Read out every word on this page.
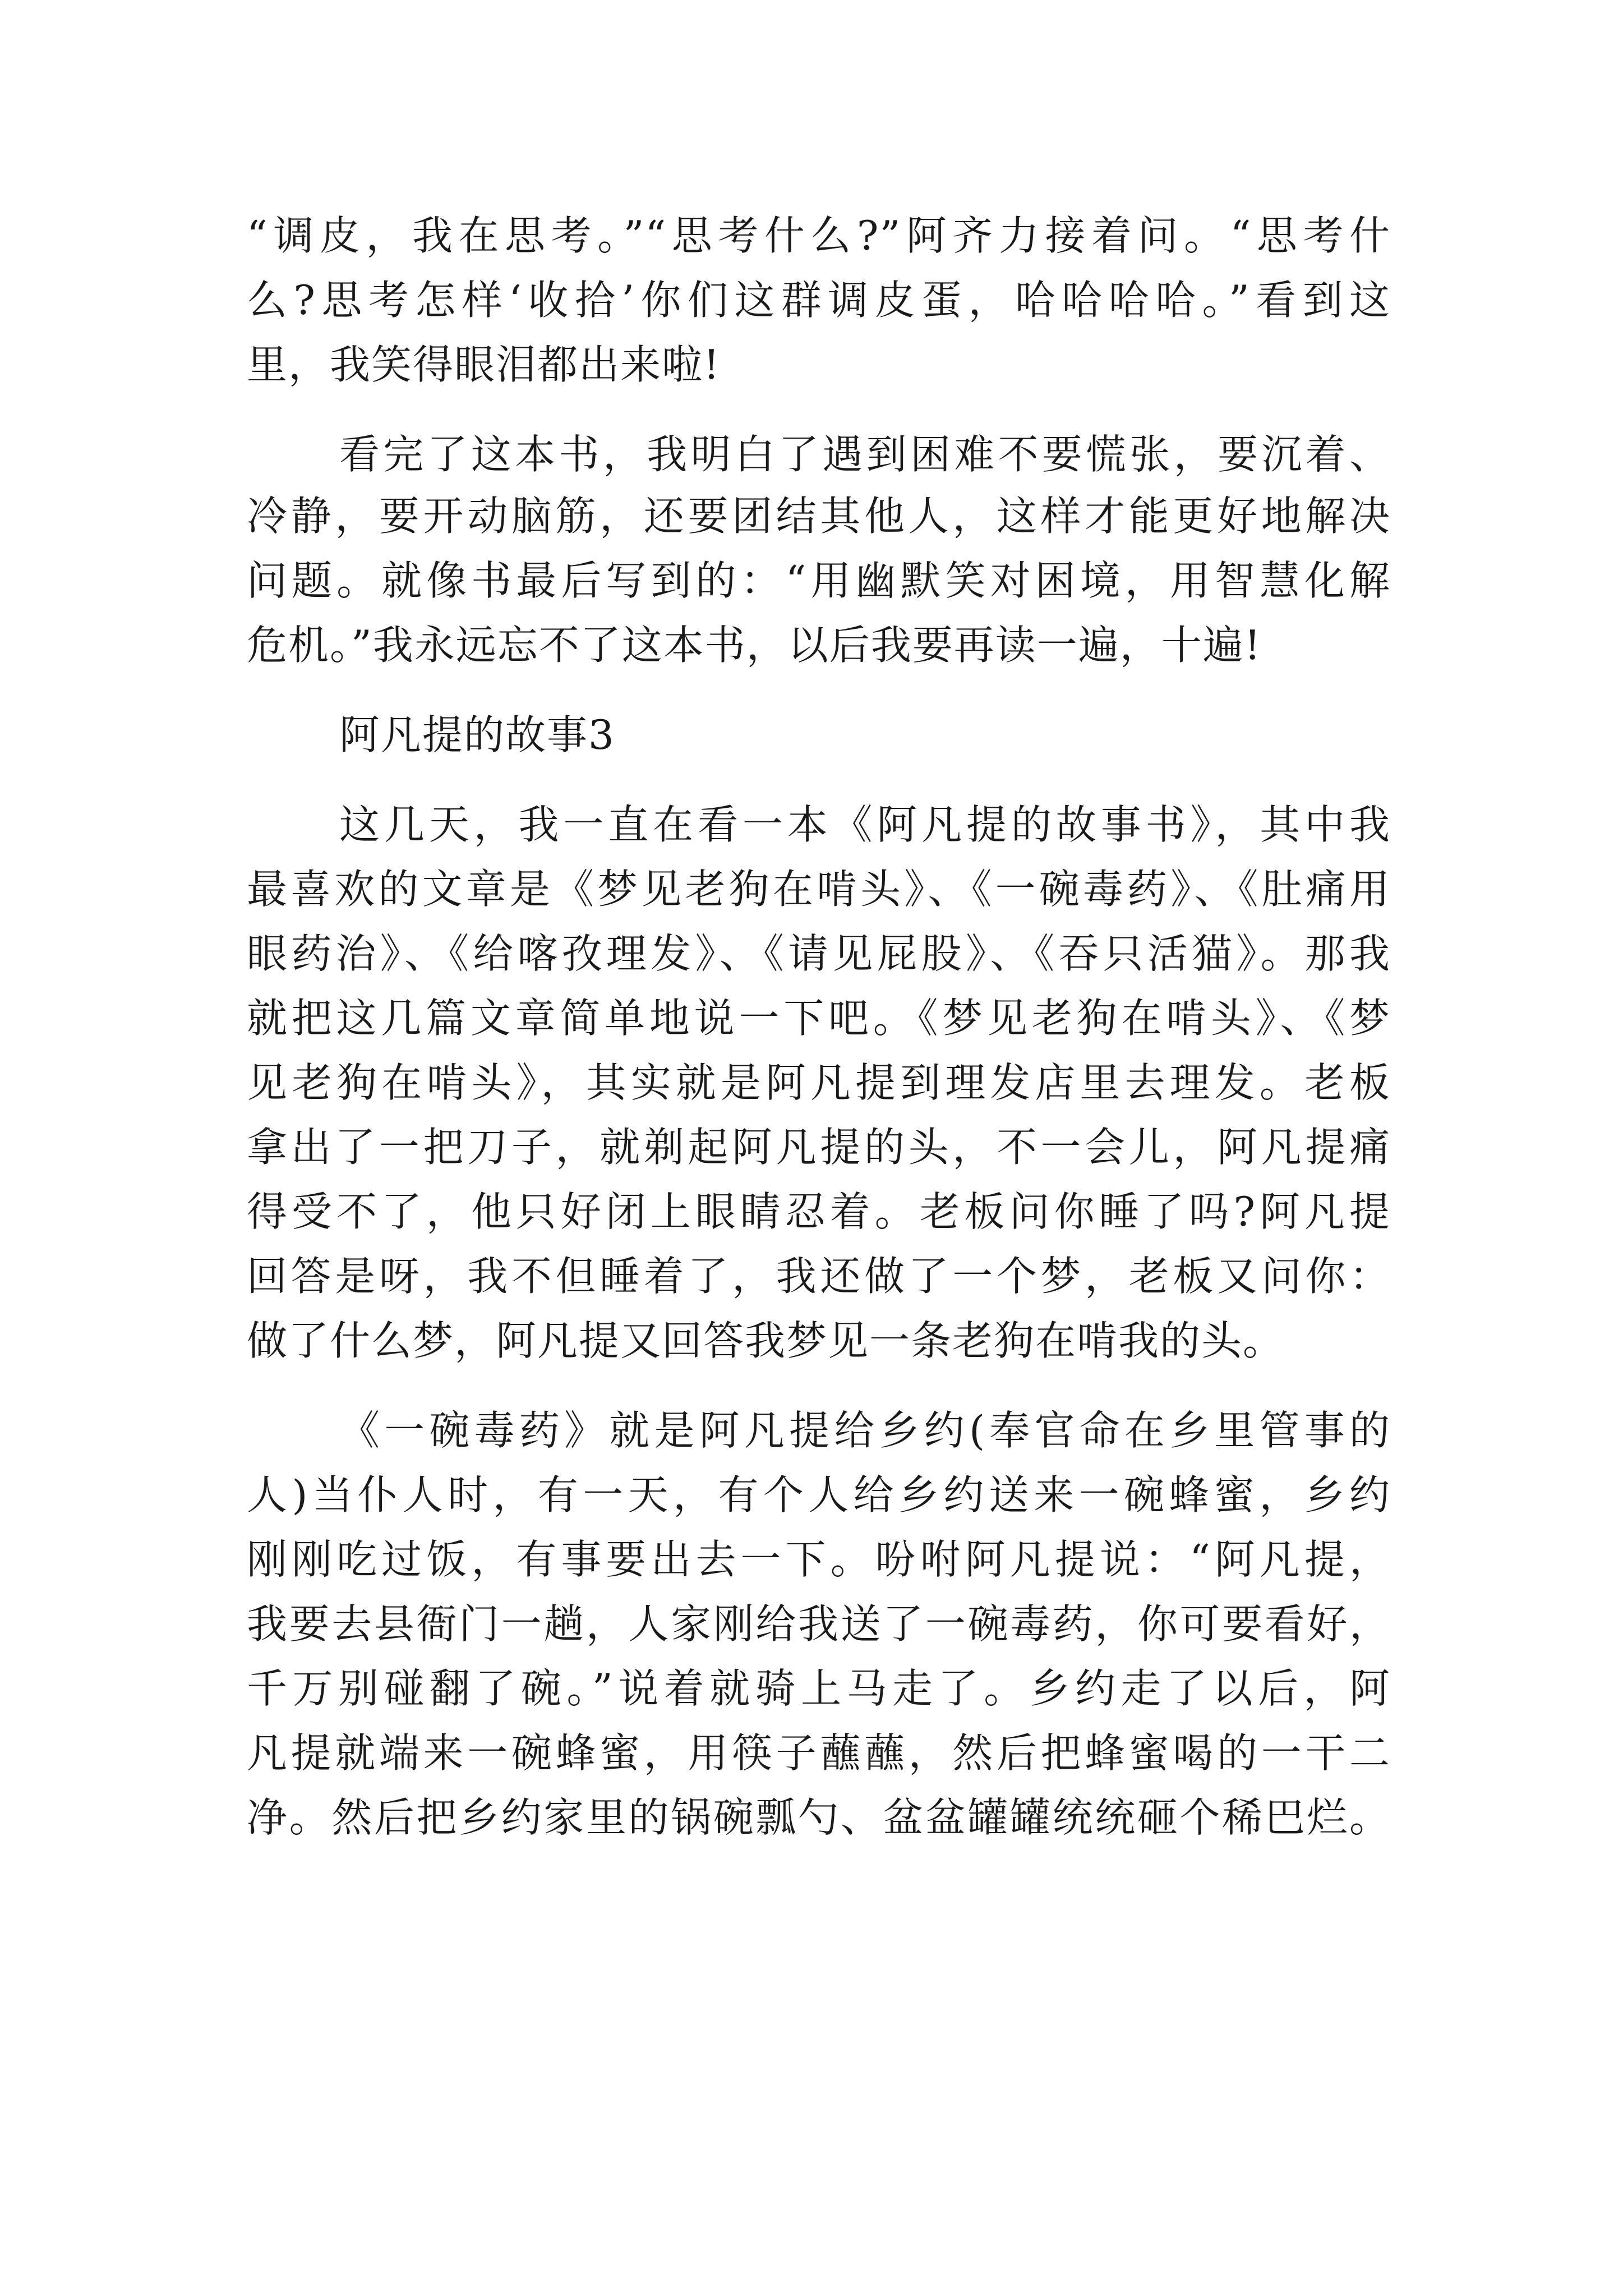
“调皮，我在思考。”“思考什么?”阿齐力接着问。“思考什
么?思考怎样‘收拾’你们这群调皮蛋，哈哈哈哈。”看到这
里，我笑得眼泪都出来啦!
看完了这本书，我明白了遇到困难不要慌张，要沉着、
冷静，要开动脑筋，还要团结其他人，这样才能更好地解决
问题。就像书最后写到的：“用幽默笑对困境，用智慧化解
危机。”我永远忘不了这本书，以后我要再读一遍，十遍!
阿凡提的故事3
这几天，我一直在看一本《阿凡提的故事书》，其中我
最喜欢的文章是《梦见老狗在啃头》、《一碗毒药》、《肚痛用
眼药治》、《给喀孜理发》、《请见屁股》、《吞只活猫》。那我
就把这几篇文章简单地说一下吧。《梦见老狗在啃头》、《梦
见老狗在啃头》，其实就是阿凡提到理发店里去理发。老板
拿出了一把刀子，就剃起阿凡提的头，不一会儿，阿凡提痛
得受不了，他只好闭上眼睛忍着。老板问你睡了吗?阿凡提
回答是呀，我不但睡着了，我还做了一个梦，老板又问你：
做了什么梦，阿凡提又回答我梦见一条老狗在啃我的头。
《一碗毒药》就是阿凡提给乡约(奉官命在乡里管事的
人)当仆人时，有一天，有个人给乡约送来一碗蜂蜜，乡约
刚刚吃过饭，有事要出去一下。吩咐阿凡提说：“阿凡提，
我要去县衙门一趟，人家刚给我送了一碗毒药，你可要看好，
千万别碰翻了碗。”说着就骑上马走了。乡约走了以后，阿
凡提就端来一碗蜂蜜，用筷子蘸蘸，然后把蜂蜜喝的一干二
净。然后把乡约家里的锅碗瓢勺、盆盆罐罐统统砸个稀巴烂。
